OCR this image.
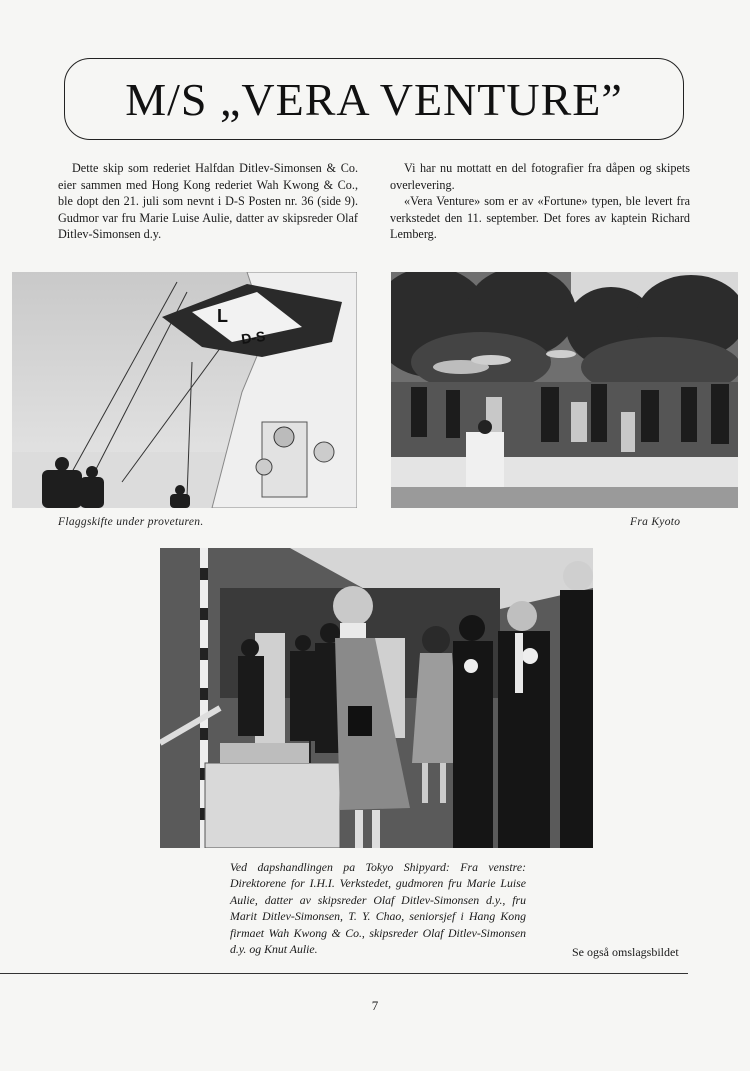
M/S „VERA VENTURE”

Dette skip som rederiet Halfdan Ditlev-Simonsen & Co. eier sammen med Hong Kong rederiet Wah Kwong & Co., ble dopt den 21. juli som nevnt i D-S Posten nr. 36 (side 9). Gudmor var fru Marie Luise Aulie, datter av skipsreder Olaf Ditlev-Simonsen d.y.

Vi har nu mottatt en del fotografier fra dåpen og skipets overlevering.

«Vera Venture» som er av «Fortune» typen, ble levert fra verkstedet den 11. september. Det fores av kaptein Richard Lemberg.

L
D-S
Flaggskifte under proveturen.	Fra Kyoto
Ved dapshandlingen pa Tokyo Shipyard: Fra venstre: Direktorene for I.H.I. Verkstedet, gudmoren fru Marie Luise Aulie, datter av skipsreder Olaf Ditlev-Simonsen d.y., fru Marit Ditlev-Simonsen, T. Y. Chao, seniorsjef i Hang Kong firmaet Wah Kwong & Co., skipsreder Olaf Ditlev-Simonsen d.y. og Knut Aulie.	Se også omslagsbildet
7
